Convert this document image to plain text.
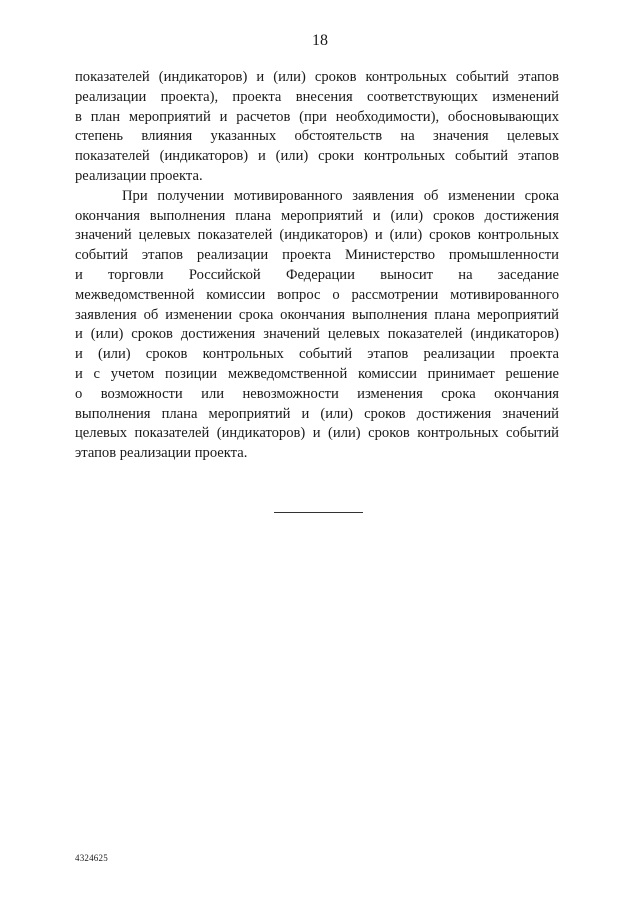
18

показателей (индикаторов) и (или) сроков контрольных событий этапов
реализации проекта), проекта внесения соответствующих изменений
в план мероприятий и расчетов (при необходимости), обосновывающих
степень влияния указанных обстоятельств на значения целевых
показателей (индикаторов) и (или) сроки контрольных событий этапов
реализации проекта.

При получении мотивированного заявления об изменении срока
окончания выполнения плана мероприятий и (или) сроков достижения
значений целевых показателей (индикаторов) и (или) сроков контрольных
событий этапов реализации проекта Министерство промышленности
и торговли Российской Федерации выносит на заседание
межведомственной комиссии вопрос о рассмотрении мотивированного
заявления об изменении срока окончания выполнения плана мероприятий
и (или) сроков достижения значений целевых показателей (индикаторов)
и (или) сроков контрольных событий этапов реализации проекта
и с учетом позиции межведомственной комиссии принимает решение
о возможности или невозможности изменения срока окончания
выполнения плана мероприятий и (или) сроков достижения значений
целевых показателей (индикаторов) и (или) сроков контрольных событий
этапов реализации проекта.

4324625
